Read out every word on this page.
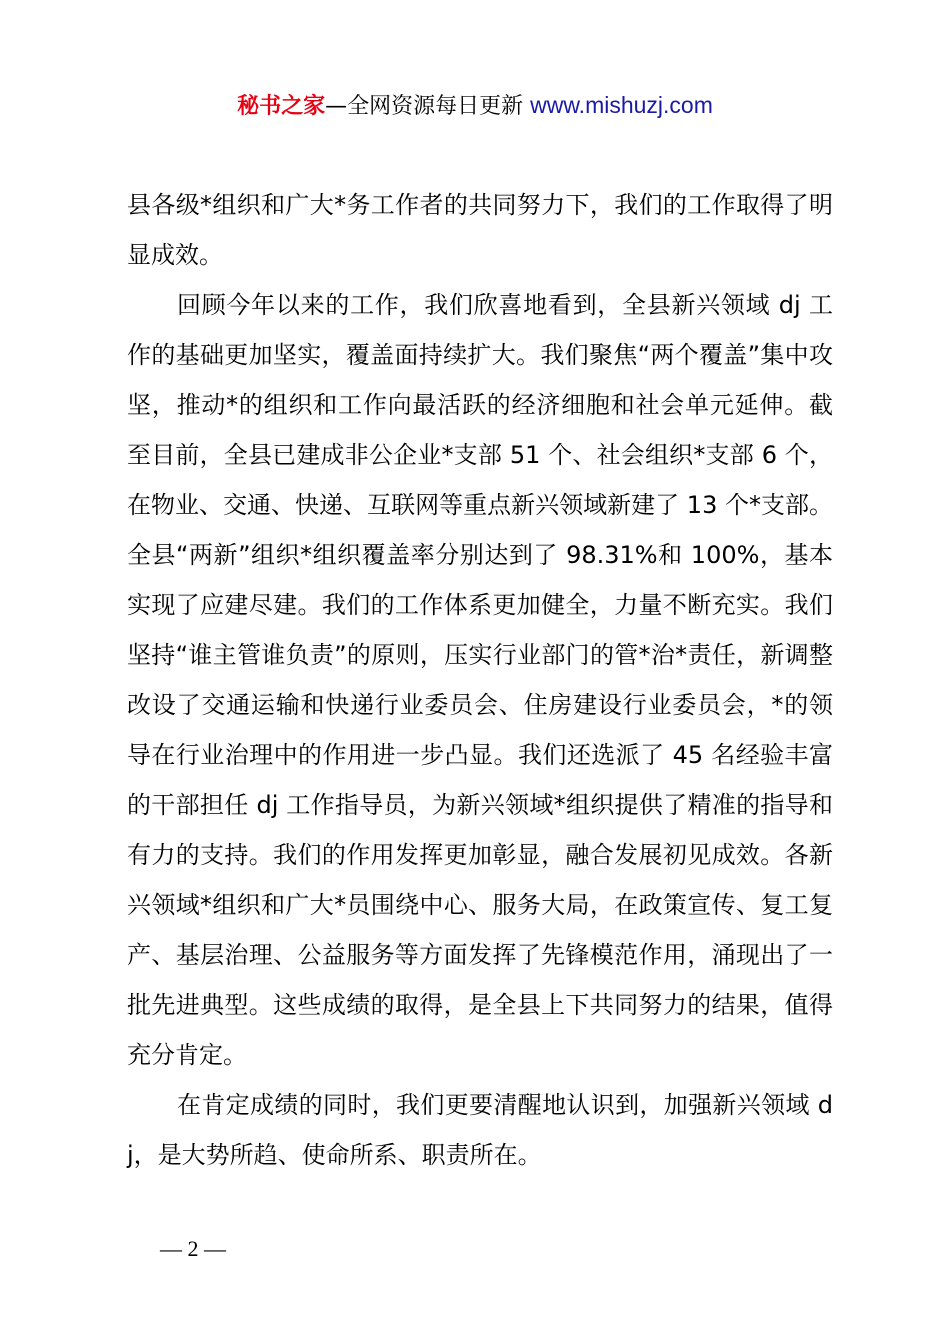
秘书之家—全网资源每日更新 www.mishuzj.com

县各级*组织和广大*务工作者的共同努力下，我们的工作取得了明显成效。

回顾今年以来的工作，我们欣喜地看到，全县新兴领域 dj 工作的基础更加坚实，覆盖面持续扩大。我们聚焦“两个覆盖”集中攻坚，推动*的组织和工作向最活跃的经济细胞和社会单元延伸。截至目前，全县已建成非公企业*支部 51 个、社会组织*支部 6 个，在物业、交通、快递、互联网等重点新兴领域新建了 13 个*支部。全县“两新”组织*组织覆盖率分别达到了 98.31%和 100%，基本实现了应建尽建。我们的工作体系更加健全，力量不断充实。我们坚持“谁主管谁负责”的原则，压实行业部门的管*治*责任，新调整改设了交通运输和快递行业委员会、住房建设行业委员会，*的领导在行业治理中的作用进一步凸显。我们还选派了 45 名经验丰富的干部担任 dj 工作指导员，为新兴领域*组织提供了精准的指导和有力的支持。我们的作用发挥更加彰显，融合发展初见成效。各新兴领域*组织和广大*员围绕中心、服务大局，在政策宣传、复工复产、基层治理、公益服务等方面发挥了先锋模范作用，涌现出了一批先进典型。这些成绩的取得，是全县上下共同努力的结果，值得充分肯定。

在肯定成绩的同时，我们更要清醒地认识到，加强新兴领域 dj，是大势所趋、使命所系、职责所在。

— 2 —
